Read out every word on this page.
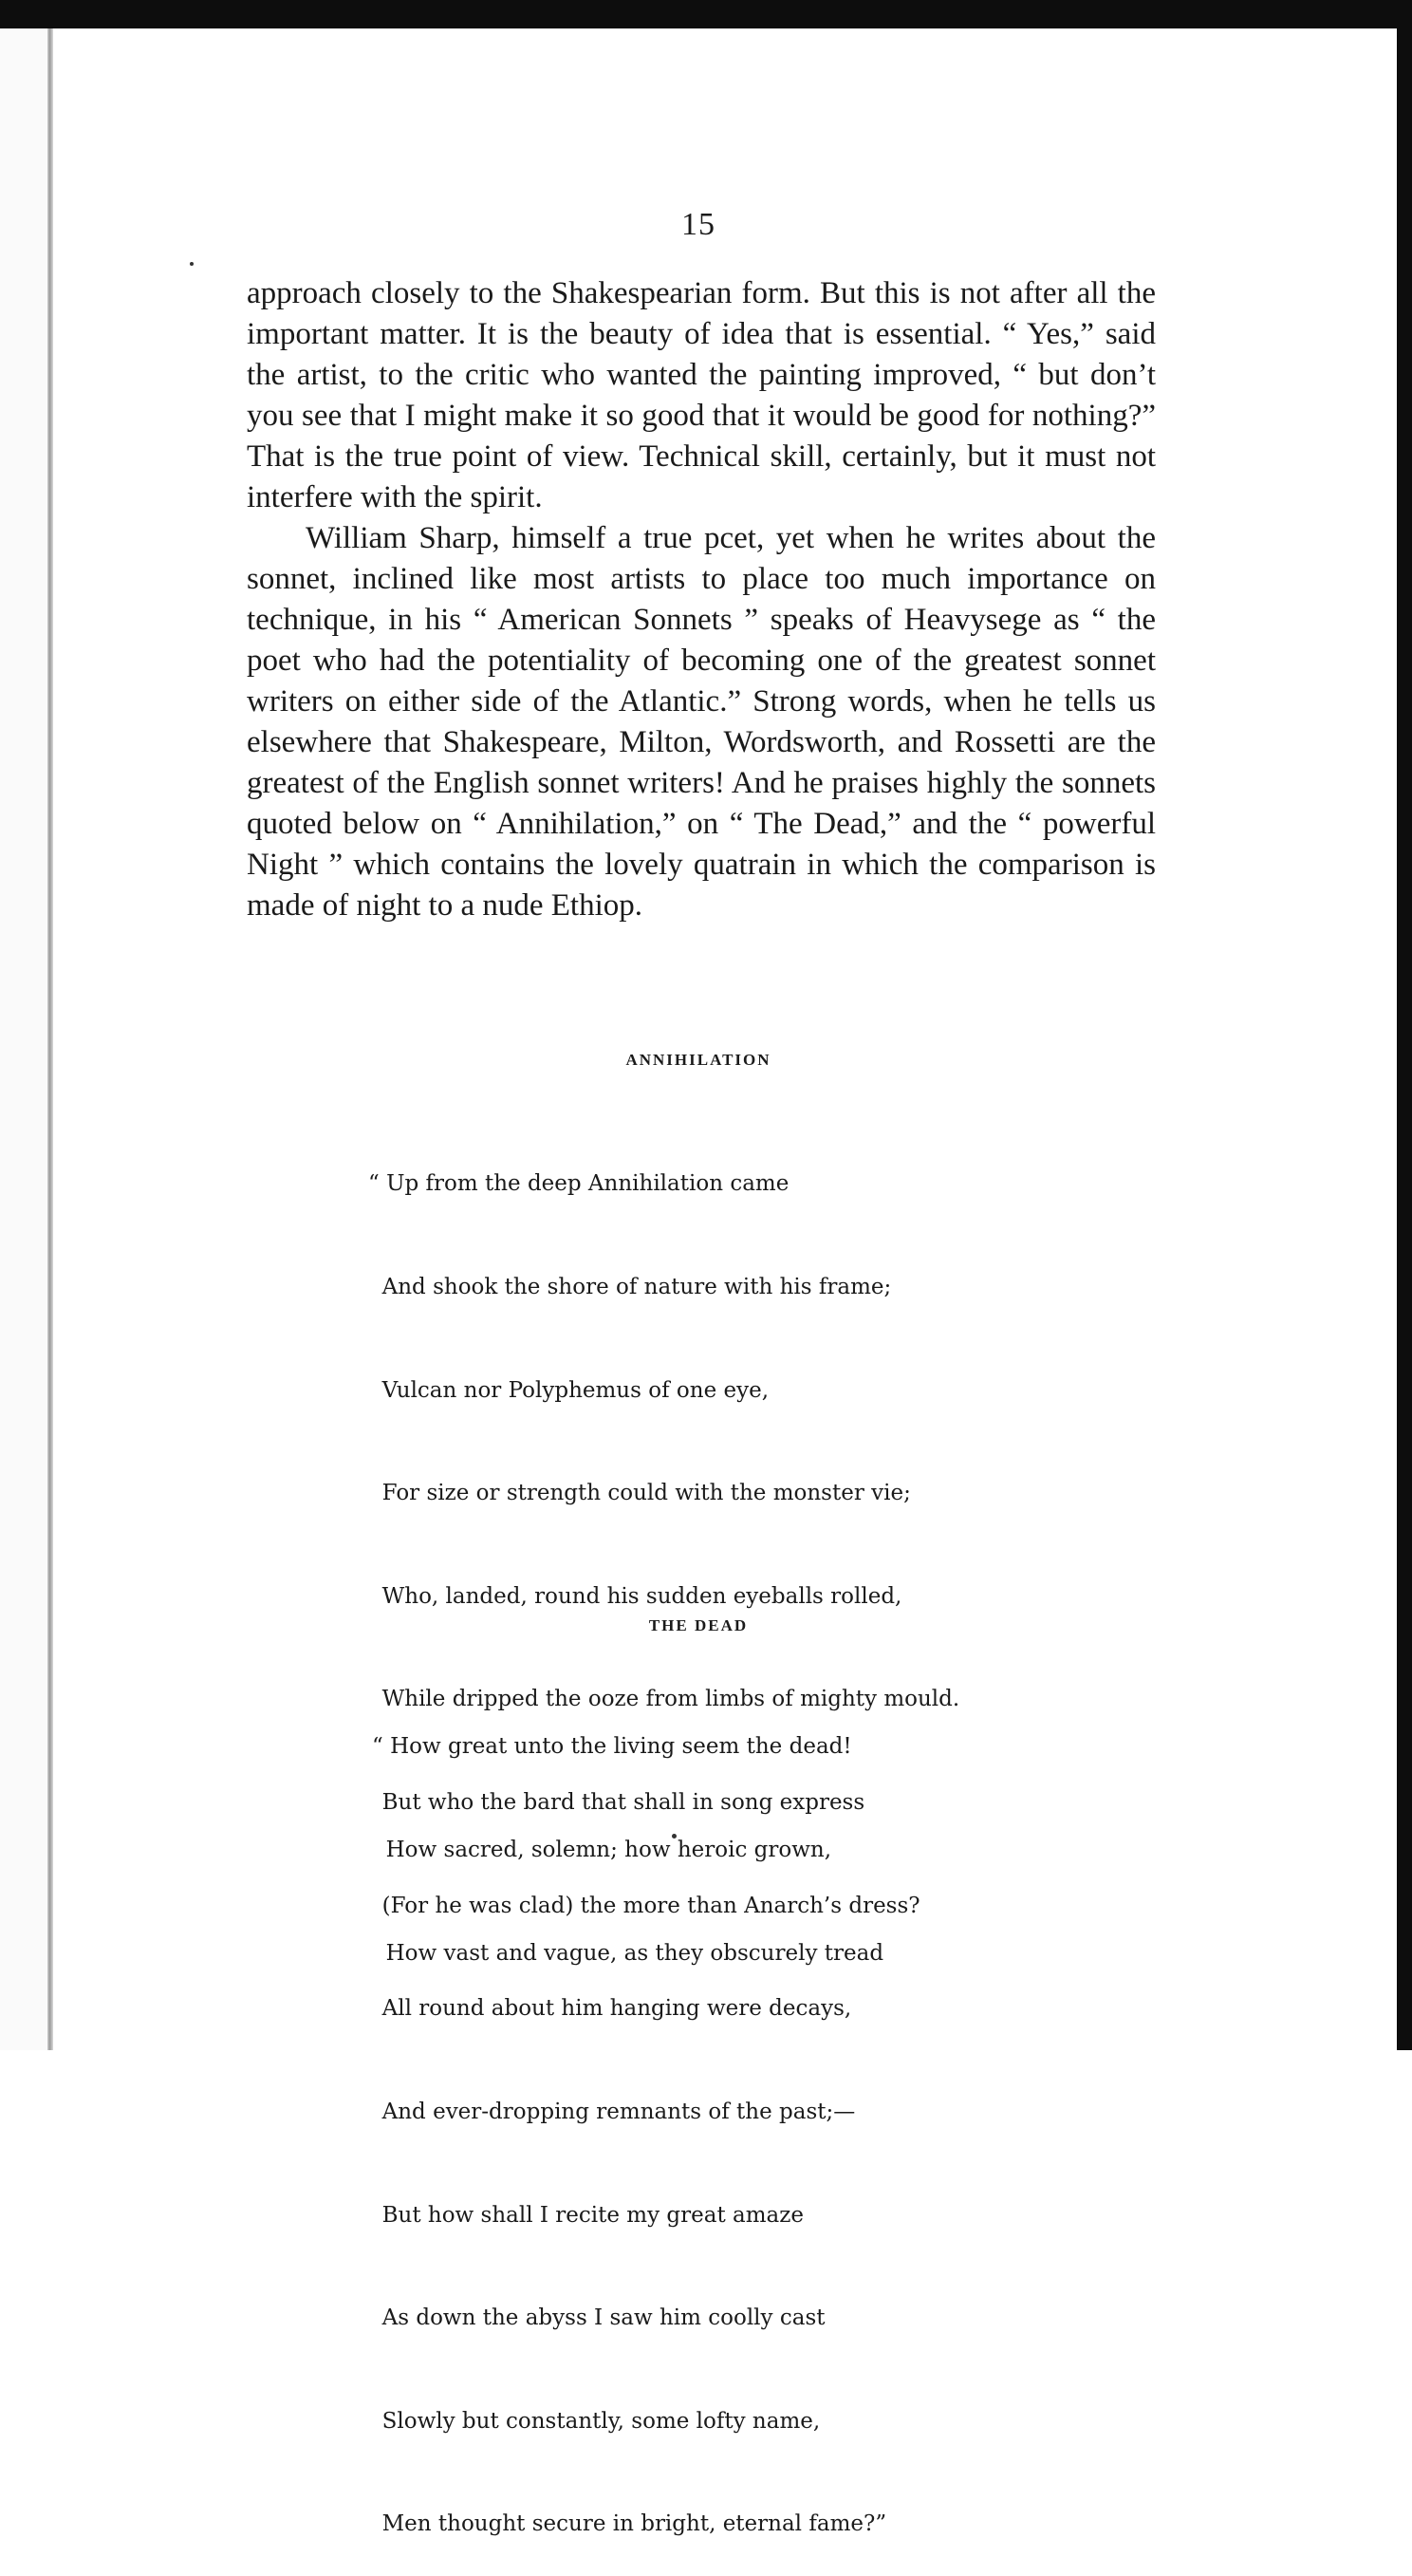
15

approach closely to the Shakespearian form. But this is not after all the important matter. It is the beauty of idea that is essential. “ Yes,” said the artist, to the critic who wanted the painting improved, “ but don’t you see that I might make it so good that it would be good for nothing?” That is the true point of view. Technical skill, certainly, but it must not interfere with the spirit.

William Sharp, himself a true pcet, yet when he writes about the sonnet, inclined like most artists to place too much importance on technique, in his “ American Sonnets ” speaks of Heavysege as “ the poet who had the potentiality of becoming one of the greatest sonnet writers on either side of the Atlantic.” Strong words, when he tells us elsewhere that Shakespeare, Milton, Wordsworth, and Rossetti are the greatest of the English sonnet writers! And he praises highly the sonnets quoted below on “ Annihilation,” on “ The Dead,” and the “ powerful Night ” which contains the lovely quatrain in which the comparison is made of night to a nude Ethiop.

ANNIHILATION

“ Up from the deep Annihilation came

And shook the shore of nature with his frame;

Vulcan nor Polyphemus of one eye,

For size or strength could with the monster vie;

Who, landed, round his sudden eyeballs rolled,

While dripped the ooze from limbs of mighty mould.

But who the bard that shall in song express

(For he was clad) the more than Anarch’s dress?

All round about him hanging were decays,

And ever-dropping remnants of the past;—

But how shall I recite my great amaze

As down the abyss I saw him coolly cast

Slowly but constantly, some lofty name,

Men thought secure in bright, eternal fame?”

THE DEAD

“ How great unto the living seem the dead!

How sacred, solemn; how heroic grown,

How vast and vague, as they obscurely tread
